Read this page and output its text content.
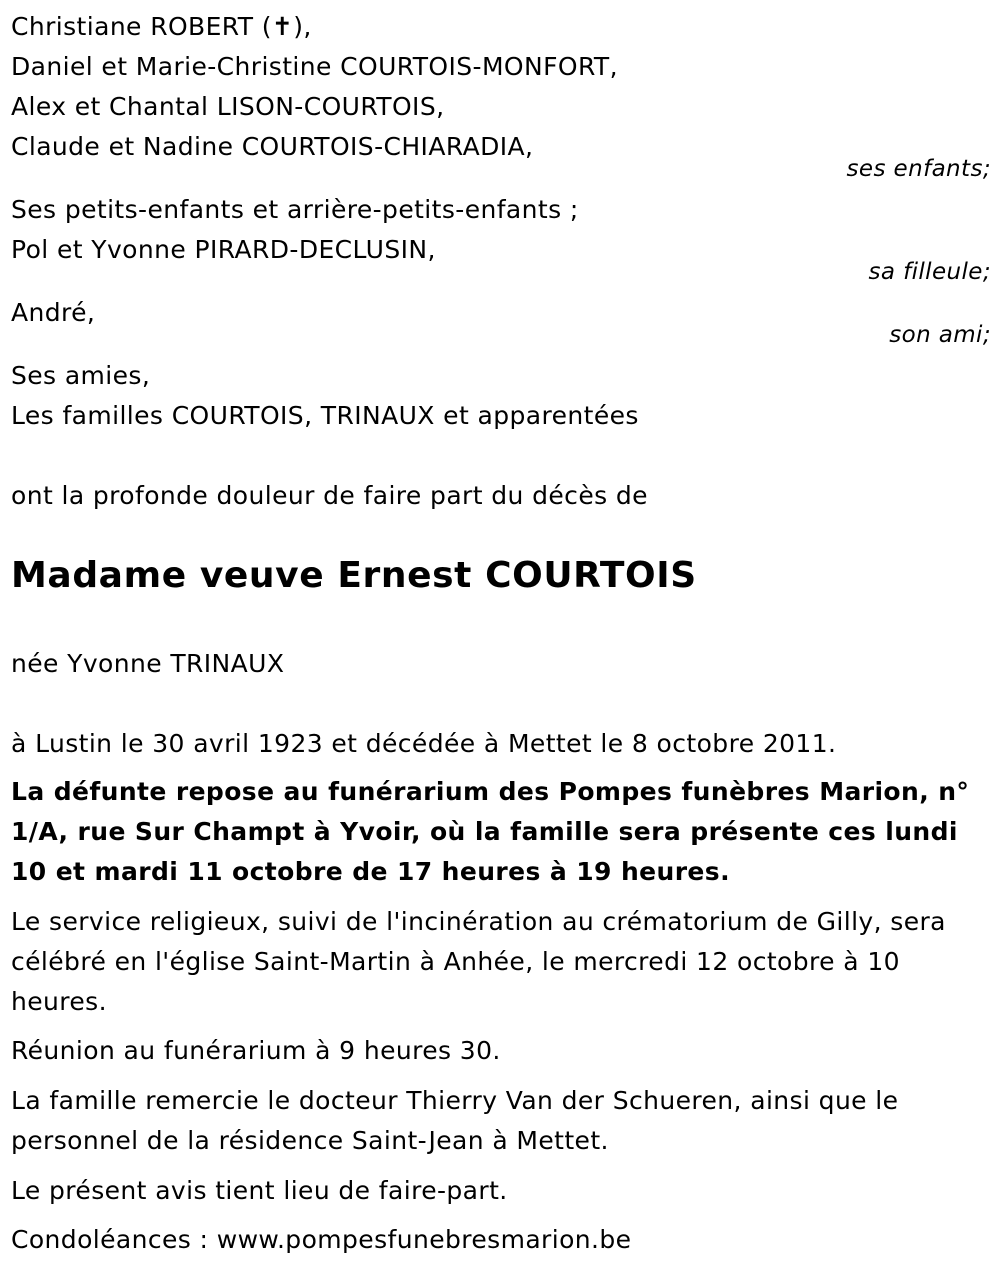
Christiane ROBERT (✝),
Daniel et Marie-Christine COURTOIS-MONFORT,
Alex et Chantal LISON-COURTOIS,
Claude et Nadine COURTOIS-CHIARADIA,
ses enfants;
Ses petits-enfants et arrière-petits-enfants ;
Pol et Yvonne PIRARD-DECLUSIN,
sa filleule;
André,
son ami;
Ses amies,
Les familles COURTOIS, TRINAUX et apparentées
ont la profonde douleur de faire part du décès de
Madame veuve Ernest COURTOIS
née Yvonne TRINAUX
à Lustin le 30 avril 1923 et décédée à Mettet le 8 octobre 2011.
La défunte repose au funérarium des Pompes funèbres Marion, n° 1/A, rue Sur Champt à Yvoir, où la famille sera présente ces lundi 10 et mardi 11 octobre de 17 heures à 19 heures.
Le service religieux, suivi de l'incinération au crématorium de Gilly, sera célébré en l'église Saint-Martin à Anhée, le mercredi 12 octobre à 10 heures.
Réunion au funérarium à 9 heures 30.
La famille remercie le docteur Thierry Van der Schueren, ainsi que le personnel de la résidence Saint-Jean à Mettet.
Le présent avis tient lieu de faire-part.
Condoléances : www.pompesfunebresmarion.be
